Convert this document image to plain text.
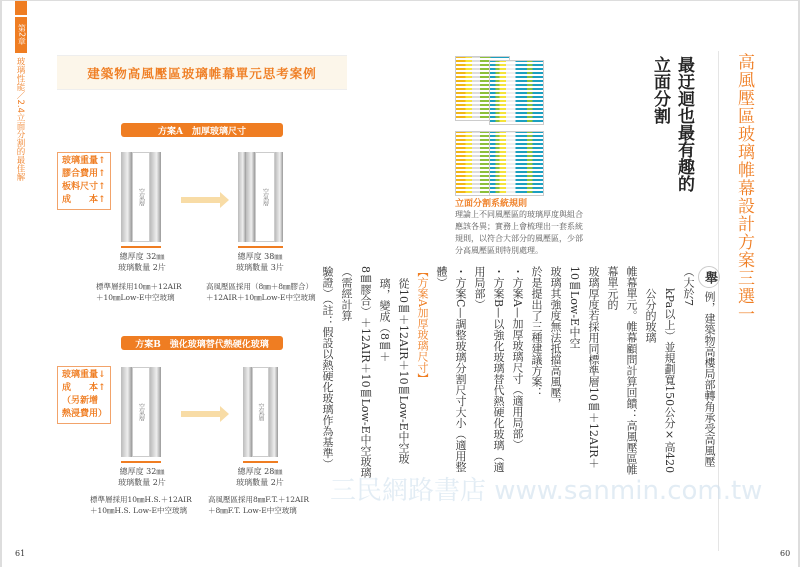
第2章
玻璃性能／2.4立面分割的最佳解	建築物高風壓區玻璃帷幕單元思考案例
方案A　加厚玻璃尺寸
玻璃重量↑
膠合費用↑
板料尺寸↑
成　　本↑	空氣層	空氣層
總厚度 32㎜
玻璃數量 2片
總厚度 38㎜
玻璃數量 3片
標準層採用10㎜＋12AIR
＋10㎜Low-E中空玻璃
高風壓區採用（8㎜＋8㎜膠合）
＋12AIR＋10㎜Low-E中空玻璃
方案B　強化玻璃替代熱硬化玻璃
玻璃重量↓
成　　本↑
（另新增
熱浸費用）	空氣層	空氣層
總厚度 32㎜
玻璃數量 2片
總厚度 28㎜
玻璃數量 2片
標準層採用10㎜H.S.＋12AIR
＋10㎜H.S. Low-E中空玻璃
高風壓區採用8㎜F.T.＋12AIR
＋8㎜F.T. Low-E中空玻璃
61
立面分割系統規則
理論上不同風壓區的玻璃厚度與組合應該各異；實務上會梳理出一套系統規則，以符合大部分的風壓區，少部分高風壓區則特別處理。	高風壓區玻璃帷幕設計方案三選一
最迂迴也最有趣的
立面分割
舉例，建築物高樓局部轉角承受高風壓（大於7
kPa以上）並規劃寬150公分×高420公分的玻璃
帷幕單元。帷幕顧問計算回饋：高風壓區帷幕單元的
玻璃厚度若採用同標準層10㎜＋12AIR＋10㎜Low-E中空
玻璃其強度無法抵擋高風壓，
於是提出了三種建議方案：
・方案A—加厚玻璃尺寸（適用局部）
・方案B—以強化玻璃替代熱硬化玻璃（適用局部）
・方案C—調整玻璃分割尺寸大小（適用整體）
【方案A加厚玻璃尺寸】
從10㎜＋12AIR＋10㎜Low-E中空玻璃，變成（8㎜＋
8㎜膠合）＋12AIR＋10㎜Low-E中空玻璃（需經計算
驗證）（註：假設以熱硬化玻璃作為基準）
60
三民網路書店 www.sanmin.com.tw
